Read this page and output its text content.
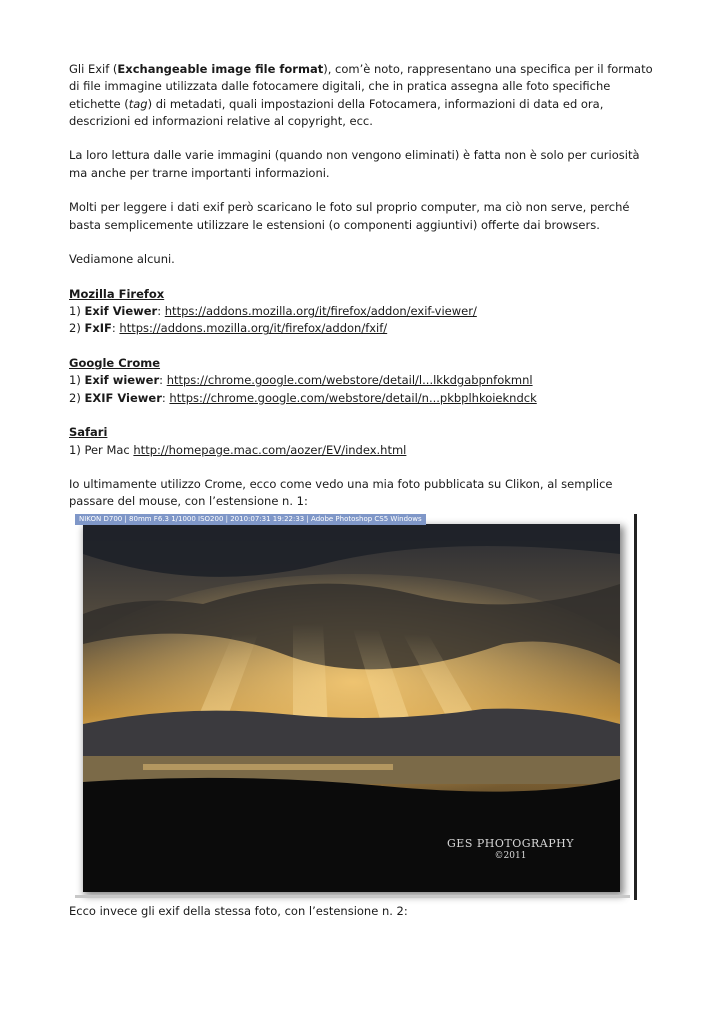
Gli Exif (Exchangeable image file format), com’è noto, rappresentano una specifica per il formato di file immagine utilizzata dalle fotocamere digitali, che in pratica assegna alle foto specifiche etichette (tag) di metadati, quali impostazioni della Fotocamera, informazioni di data ed ora, descrizioni ed informazioni relative al copyright, ecc.

La loro lettura dalle varie immagini (quando non vengono eliminati) è fatta non è solo per curiosità ma anche per trarne importanti informazioni.

Molti per leggere i dati exif però scaricano le foto sul proprio computer, ma ciò non serve, perché basta semplicemente utilizzare le estensioni (o componenti aggiuntivi) offerte dai browsers.

Vediamone alcuni.

Mozilla Firefox

1) Exif Viewer: https://addons.mozilla.org/it/firefox/addon/exif-viewer/

2) FxIF: https://addons.mozilla.org/it/firefox/addon/fxif/

Google Crome

1) Exif wiewer: https://chrome.google.com/webstore/detail/l...lkkdgabpnfokmnl

2) EXIF Viewer: https://chrome.google.com/webstore/detail/n...pkbplhkoiekndck

Safari

1) Per Mac http://homepage.mac.com/aozer/EV/index.html

Io ultimamente utilizzo Crome, ecco come vedo una mia foto pubblicata su Clikon, al semplice passare del mouse, con l’estensione n. 1:

GES PHOTOGRAPHY
©2011
NIKON D700 | 80mm F6.3 1/1000 ISO200 | 2010:07:31 19:22:33 | Adobe Photoshop CS5 Windows

Ecco invece gli exif della stessa foto, con l’estensione n. 2:
